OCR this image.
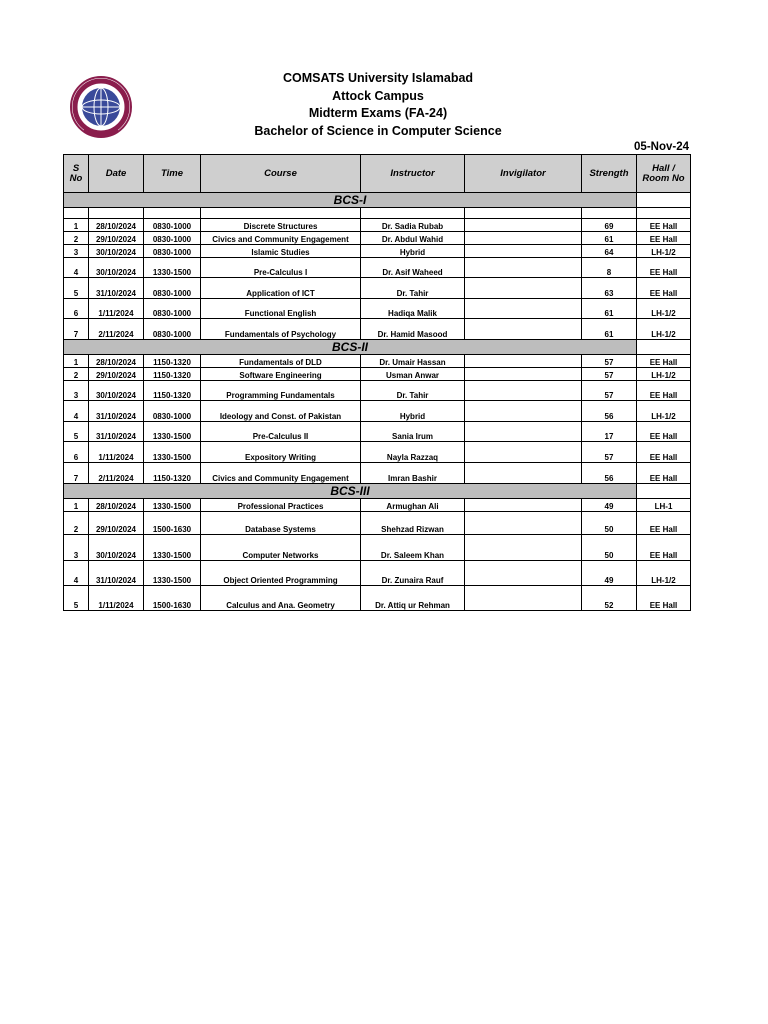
COMSATS University Islamabad
Attock Campus
Midterm Exams (FA-24)
Bachelor of Science in Computer Science
05-Nov-24
S No	Date	Time	Course	Instructor	Invigilator	Strength	Hall / Room No
BCS-I							

1	28/10/2024	0830-1000	Discrete Structures	Dr. Sadia Rubab		69	EE Hall
2	29/10/2024	0830-1000	Civics and Community Engagement	Dr. Abdul Wahid		61	EE Hall
3	30/10/2024	0830-1000	Islamic Studies	Hybrid		64	LH-1/2
4	30/10/2024	1330-1500	Pre-Calculus I	Dr. Asif Waheed		8	EE Hall
5	31/10/2024	0830-1000	Application of ICT	Dr. Tahir		63	EE Hall
6	1/11/2024	0830-1000	Functional English	Hadiqa Malik		61	LH-1/2
7	2/11/2024	0830-1000	Fundamentals of Psychology	Dr. Hamid Masood		61	LH-1/2
BCS-II							
1	28/10/2024	1150-1320	Fundamentals of DLD	Dr. Umair Hassan		57	EE Hall
2	29/10/2024	1150-1320	Software Engineering	Usman Anwar		57	LH-1/2
3	30/10/2024	1150-1320	Programming Fundamentals	Dr. Tahir		57	EE Hall
4	31/10/2024	0830-1000	Ideology and Const. of Pakistan	Hybrid		56	LH-1/2
5	31/10/2024	1330-1500	Pre-Calculus II	Sania Irum		17	EE Hall
6	1/11/2024	1330-1500	Expository Writing	Nayla Razzaq		57	EE Hall
7	2/11/2024	1150-1320	Civics and Community Engagement	Imran Bashir		56	EE Hall
BCS-III							
1	28/10/2024	1330-1500	Professional Practices	Armughan Ali		49	LH-1
2	29/10/2024	1500-1630	Database Systems	Shehzad Rizwan		50	EE Hall
3	30/10/2024	1330-1500	Computer Networks	Dr. Saleem Khan		50	EE Hall
4	31/10/2024	1330-1500	Object Oriented Programming	Dr. Zunaira Rauf		49	LH-1/2
5	1/11/2024	1500-1630	Calculus and Ana. Geometry	Dr. Attiq ur Rehman		52	EE Hall
